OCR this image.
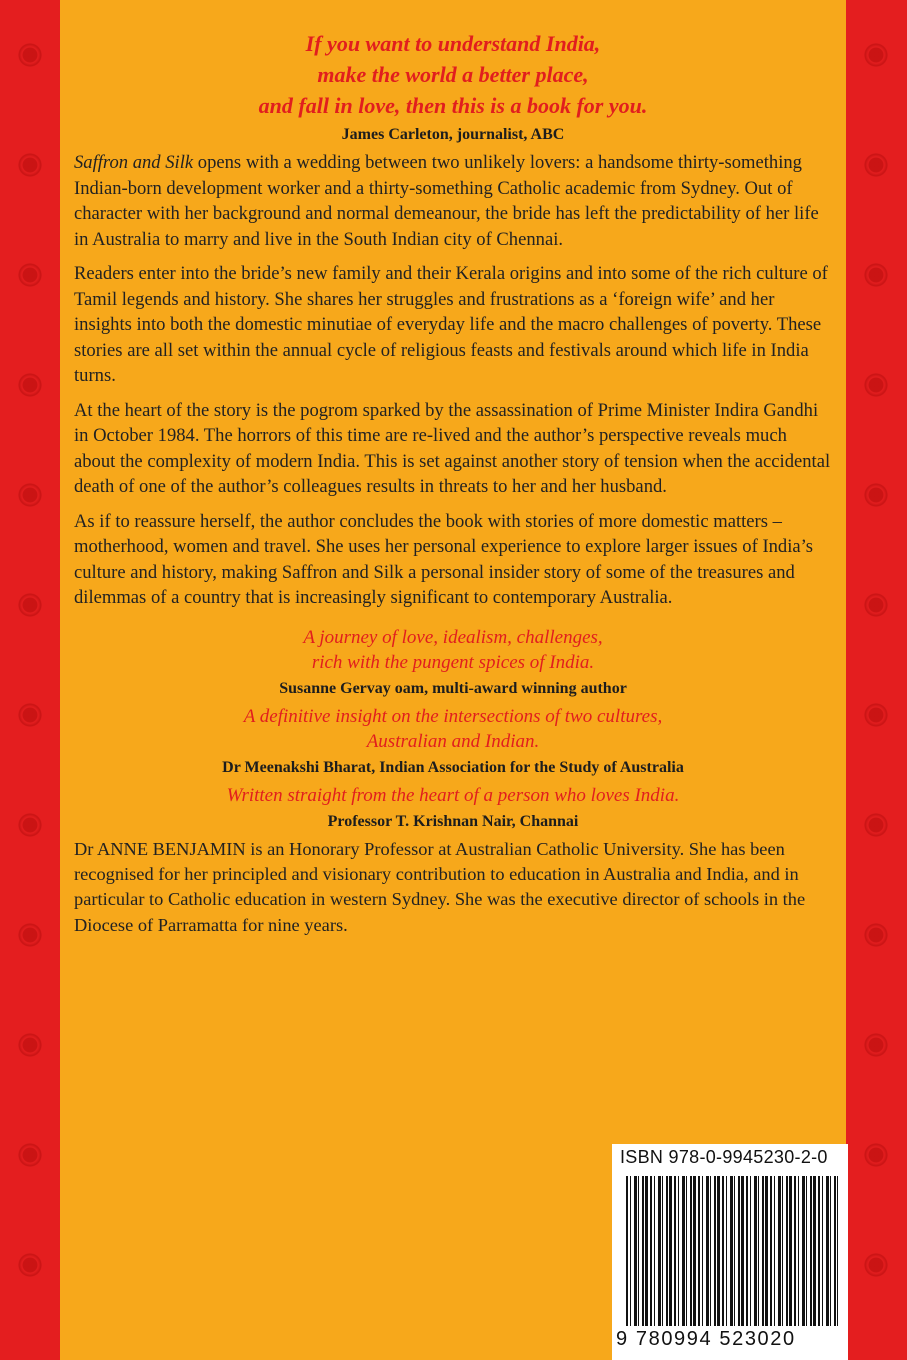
If you want to understand India,
make the world a better place,
and fall in love, then this is a book for you.

James Carleton, journalist, ABC

Saffron and Silk opens with a wedding between two unlikely lovers: a handsome thirty-something Indian-born development worker and a thirty-something Catholic academic from Sydney. Out of character with her background and normal demeanour, the bride has left the predictability of her life in Australia to marry and live in the South Indian city of Chennai.

Readers enter into the bride’s new family and their Kerala origins and into some of the rich culture of Tamil legends and history. She shares her struggles and frustrations as a ‘foreign wife’ and her insights into both the domestic minutiae of everyday life and the macro challenges of poverty. These stories are all set within the annual cycle of religious feasts and festivals around which life in India turns.

At the heart of the story is the pogrom sparked by the assassination of Prime Minister Indira Gandhi in October 1984. The horrors of this time are re-lived and the author’s perspective reveals much about the complexity of modern India. This is set against another story of tension when the accidental death of one of the author’s colleagues results in threats to her and her husband.

As if to reassure herself, the author concludes the book with stories of more domestic matters – motherhood, women and travel. She uses her personal experience to explore larger issues of India’s culture and history, making Saffron and Silk a personal insider story of some of the treasures and dilemmas of a country that is increasingly significant to contemporary Australia.

A journey of love, idealism, challenges,
rich with the pungent spices of India.

Susanne Gervay oam, multi-award winning author

A definitive insight on the intersections of two cultures,
Australian and Indian.

Dr Meenakshi Bharat, Indian Association for the Study of Australia

Written straight from the heart of a person who loves India.

Professor T. Krishnan Nair, Channai

Dr ANNE BENJAMIN is an Honorary Professor at Australian Catholic University. She has been recognised for her principled and visionary contribution to education in Australia and India, and in particular to Catholic education in western Sydney. She was the executive director of schools in the Diocese of Parramatta for nine years.

ISBN 978-0-9945230-2-0
9 780994 523020
